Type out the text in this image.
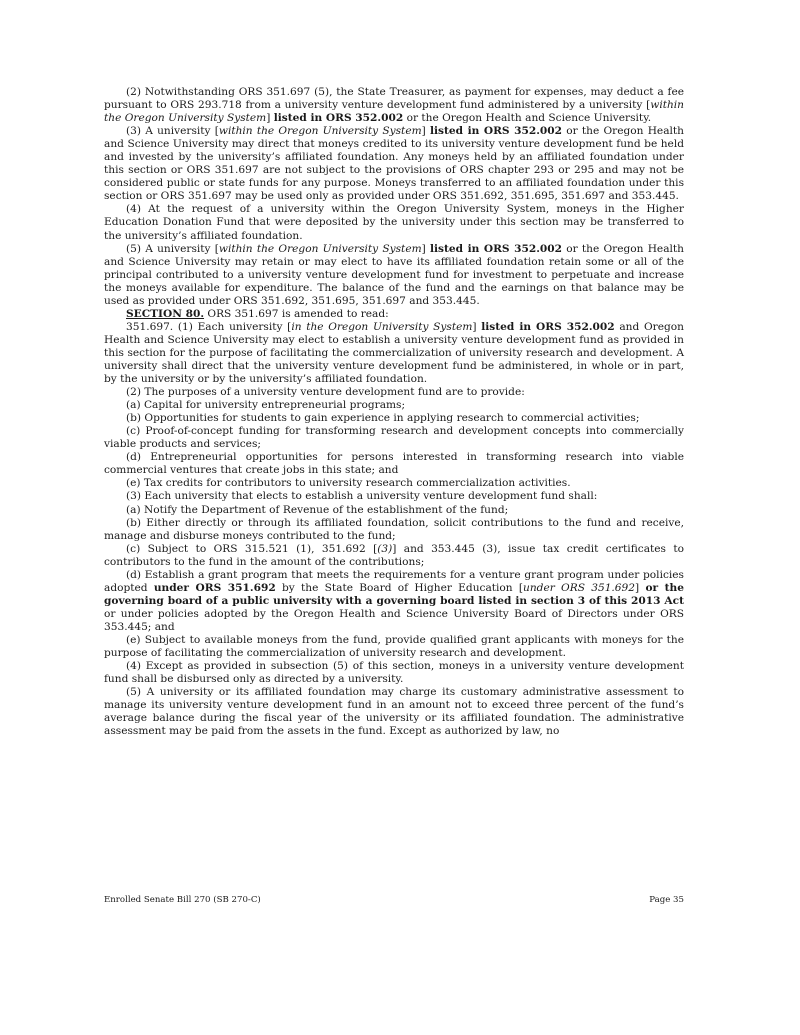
(2) Notwithstanding ORS 351.697 (5), the State Treasurer, as payment for expenses, may deduct a fee pursuant to ORS 293.718 from a university venture development fund administered by a university [within the Oregon University System] listed in ORS 352.002 or the Oregon Health and Science University.

(3) A university [within the Oregon University System] listed in ORS 352.002 or the Oregon Health and Science University may direct that moneys credited to its university venture development fund be held and invested by the university’s affiliated foundation. Any moneys held by an affiliated foundation under this section or ORS 351.697 are not subject to the provisions of ORS chapter 293 or 295 and may not be considered public or state funds for any purpose. Moneys transferred to an affiliated foundation under this section or ORS 351.697 may be used only as provided under ORS 351.692, 351.695, 351.697 and 353.445.

(4) At the request of a university within the Oregon University System, moneys in the Higher Education Donation Fund that were deposited by the university under this section may be transferred to the university’s affiliated foundation.

(5) A university [within the Oregon University System] listed in ORS 352.002 or the Oregon Health and Science University may retain or may elect to have its affiliated foundation retain some or all of the principal contributed to a university venture development fund for investment to perpetuate and increase the moneys available for expenditure. The balance of the fund and the earnings on that balance may be used as provided under ORS 351.692, 351.695, 351.697 and 353.445.

SECTION 80. ORS 351.697 is amended to read:

351.697. (1) Each university [in the Oregon University System] listed in ORS 352.002 and Oregon Health and Science University may elect to establish a university venture development fund as provided in this section for the purpose of facilitating the commercialization of university research and development. A university shall direct that the university venture development fund be administered, in whole or in part, by the university or by the university’s affiliated foundation.

(2) The purposes of a university venture development fund are to provide:

(a) Capital for university entrepreneurial programs;

(b) Opportunities for students to gain experience in applying research to commercial activities;

(c) Proof-of-concept funding for transforming research and development concepts into commercially viable products and services;

(d) Entrepreneurial opportunities for persons interested in transforming research into viable commercial ventures that create jobs in this state; and

(e) Tax credits for contributors to university research commercialization activities.

(3) Each university that elects to establish a university venture development fund shall:

(a) Notify the Department of Revenue of the establishment of the fund;

(b) Either directly or through its affiliated foundation, solicit contributions to the fund and receive, manage and disburse moneys contributed to the fund;

(c) Subject to ORS 315.521 (1), 351.692 [(3)] and 353.445 (3), issue tax credit certificates to contributors to the fund in the amount of the contributions;

(d) Establish a grant program that meets the requirements for a venture grant program under policies adopted under ORS 351.692 by the State Board of Higher Education [under ORS 351.692] or the governing board of a public university with a governing board listed in section 3 of this 2013 Act or under policies adopted by the Oregon Health and Science University Board of Directors under ORS 353.445; and

(e) Subject to available moneys from the fund, provide qualified grant applicants with moneys for the purpose of facilitating the commercialization of university research and development.

(4) Except as provided in subsection (5) of this section, moneys in a university venture development fund shall be disbursed only as directed by a university.

(5) A university or its affiliated foundation may charge its customary administrative assessment to manage its university venture development fund in an amount not to exceed three percent of the fund’s average balance during the fiscal year of the university or its affiliated foundation. The administrative assessment may be paid from the assets in the fund. Except as authorized by law, no

Enrolled Senate Bill 270 (SB 270-C)	Page 35
